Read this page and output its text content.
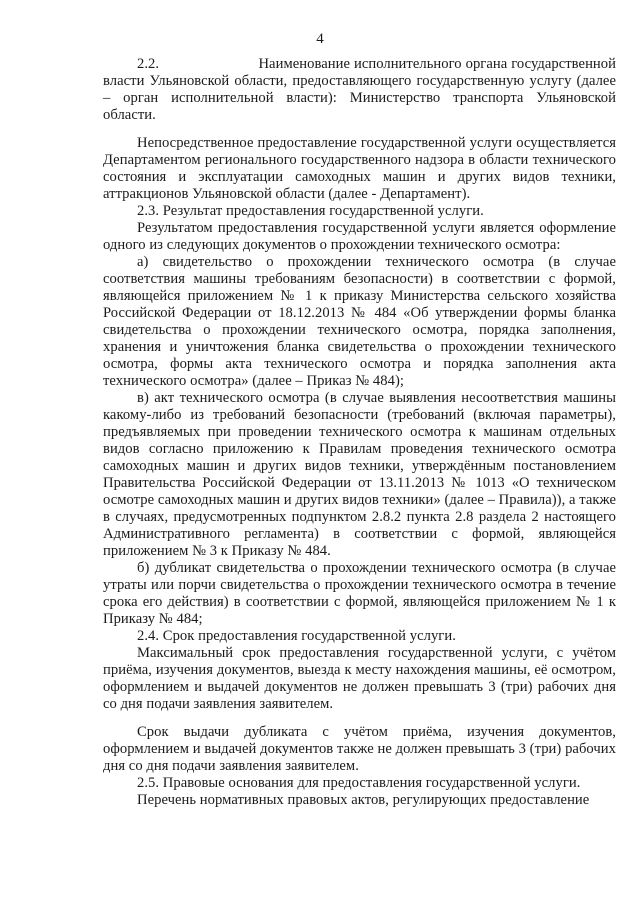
4

2.2.                         Наименование исполнительного органа государственной власти Ульяновской области, предоставляющего государственную услугу (далее – орган исполнительной власти): Министерство транспорта Ульяновской области.

Непосредственное предоставление государственной услуги осуществляется Департаментом регионального государственного надзора в области технического состояния и эксплуатации самоходных машин и других видов техники, аттракционов Ульяновской области (далее - Департамент).

2.3. Результат предоставления государственной услуги.

Результатом предоставления государственной услуги является оформление одного из следующих документов о прохождении технического осмотра:

а) свидетельство о прохождении технического осмотра (в случае соответствия машины требованиям безопасности) в соответствии с формой, являющейся приложением № 1 к приказу Министерства сельского хозяйства Российской Федерации от 18.12.2013 № 484 «Об утверждении формы бланка свидетельства о прохождении технического осмотра, порядка заполнения, хранения и уничтожения бланка свидетельства о прохождении технического осмотра, формы акта технического осмотра и порядка заполнения акта технического осмотра» (далее – Приказ № 484);

в) акт технического осмотра (в случае выявления несоответствия машины какому-либо из требований безопасности (требований (включая параметры), предъявляемых при проведении технического осмотра к машинам отдельных видов согласно приложению к Правилам проведения технического осмотра самоходных машин и других видов техники, утверждённым постановлением Правительства Российской Федерации от 13.11.2013 № 1013 «О техническом осмотре самоходных машин и других видов техники» (далее – Правила)), а также в случаях, предусмотренных подпунктом 2.8.2 пункта 2.8 раздела 2 настоящего Административного регламента) в соответствии с формой, являющейся приложением № 3 к Приказу № 484.

б) дубликат свидетельства о прохождении технического осмотра (в случае утраты или порчи свидетельства о прохождении технического осмотра в течение срока его действия) в соответствии с формой, являющейся приложением № 1 к Приказу № 484;

2.4. Срок предоставления государственной услуги.

Максимальный срок предоставления государственной услуги, с учётом приёма, изучения документов, выезда к месту нахождения машины, её осмотром, оформлением и выдачей документов не должен превышать 3 (три) рабочих дня со дня подачи заявления заявителем.

Срок выдачи дубликата с учётом приёма, изучения документов, оформлением и выдачей документов также не должен превышать 3 (три) рабочих дня со дня подачи заявления заявителем.

2.5. Правовые основания для предоставления государственной услуги.

Перечень нормативных правовых актов, регулирующих предоставление
